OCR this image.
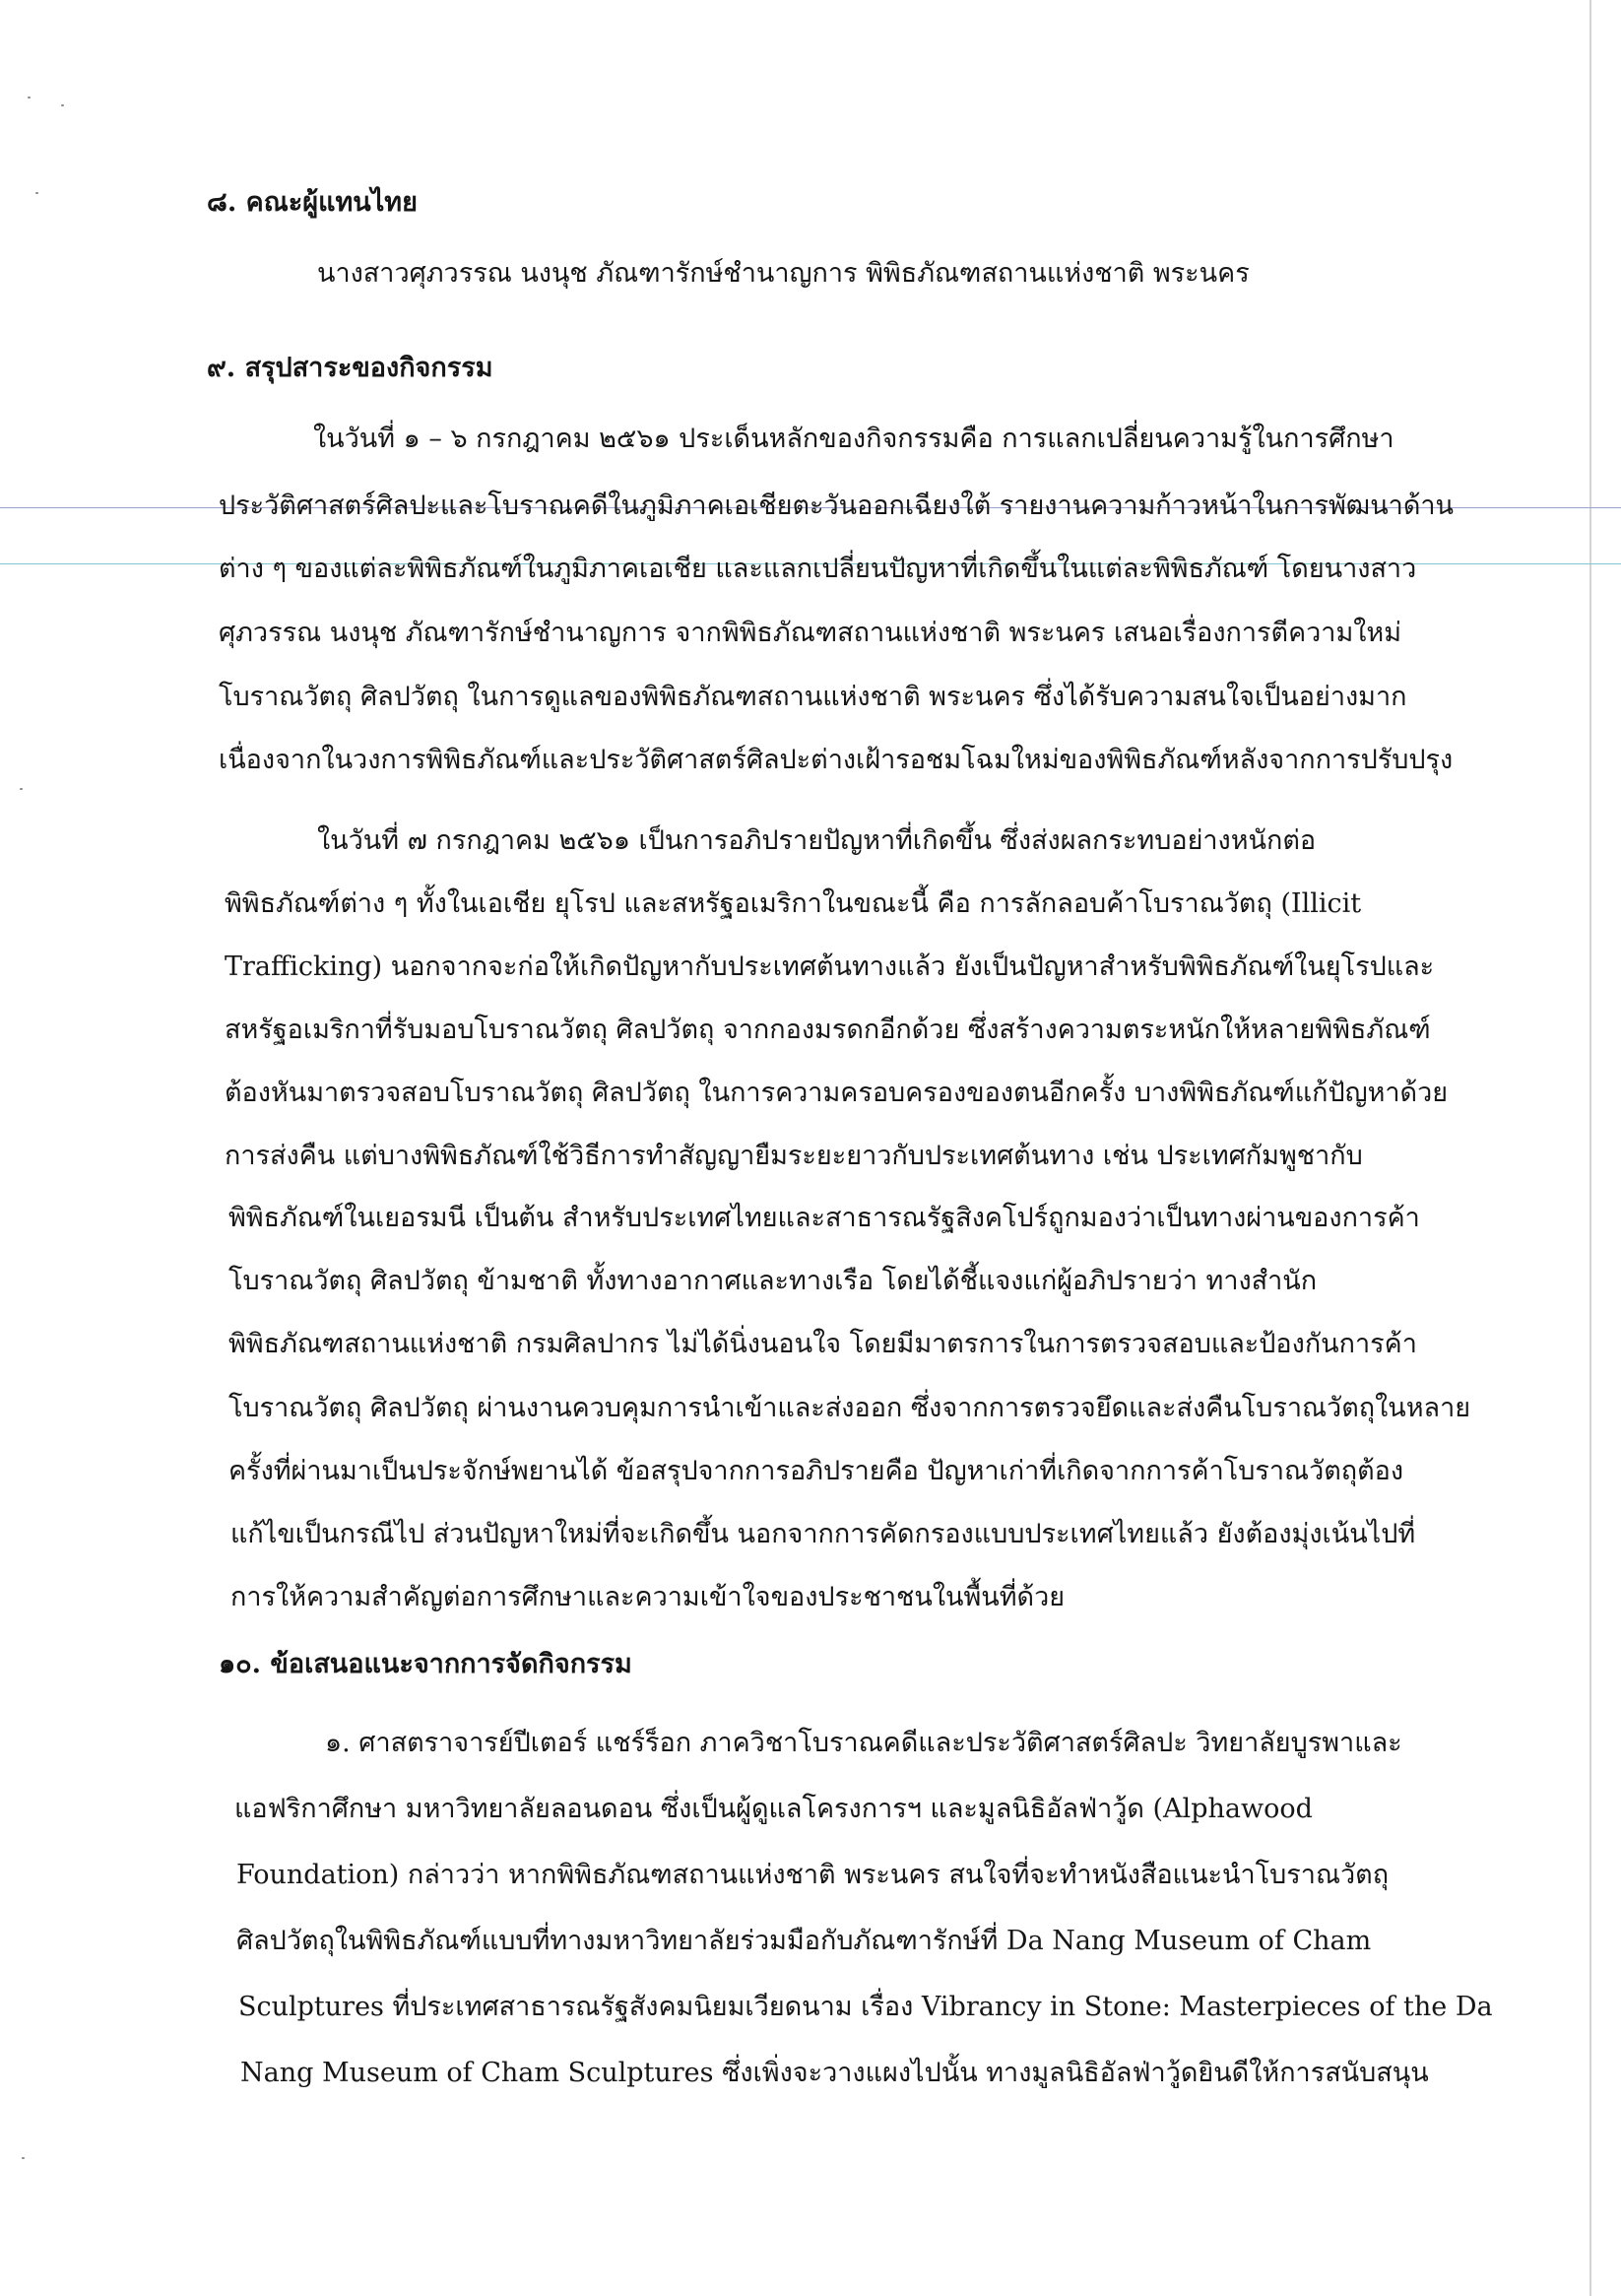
๘. คณะผู้แทนไทย
นางสาวศุภวรรณ นงนุช ภัณฑารักษ์ชำนาญการ พิพิธภัณฑสถานแห่งชาติ พระนคร
๙. สรุปสาระของกิจกรรม
ในวันที่ ๑ – ๖ กรกฎาคม ๒๕๖๑ ประเด็นหลักของกิจกรรมคือ การแลกเปลี่ยนความรู้ในการศึกษา
ประวัติศาสตร์ศิลปะและโบราณคดีในภูมิภาคเอเชียตะวันออกเฉียงใต้ รายงานความก้าวหน้าในการพัฒนาด้าน
ต่าง ๆ ของแต่ละพิพิธภัณฑ์ในภูมิภาคเอเชีย และแลกเปลี่ยนปัญหาที่เกิดขึ้นในแต่ละพิพิธภัณฑ์ โดยนางสาว
ศุภวรรณ นงนุช ภัณฑารักษ์ชำนาญการ จากพิพิธภัณฑสถานแห่งชาติ พระนคร เสนอเรื่องการตีความใหม่
โบราณวัตถุ ศิลปวัตถุ ในการดูแลของพิพิธภัณฑสถานแห่งชาติ พระนคร ซึ่งได้รับความสนใจเป็นอย่างมาก
เนื่องจากในวงการพิพิธภัณฑ์และประวัติศาสตร์ศิลปะต่างเฝ้ารอชมโฉมใหม่ของพิพิธภัณฑ์หลังจากการปรับปรุง
ในวันที่ ๗ กรกฎาคม ๒๕๖๑ เป็นการอภิปรายปัญหาที่เกิดขึ้น ซึ่งส่งผลกระทบอย่างหนักต่อ
พิพิธภัณฑ์ต่าง ๆ ทั้งในเอเชีย ยุโรป และสหรัฐอเมริกาในขณะนี้ คือ การลักลอบค้าโบราณวัตถุ (Illicit
Trafficking) นอกจากจะก่อให้เกิดปัญหากับประเทศต้นทางแล้ว ยังเป็นปัญหาสำหรับพิพิธภัณฑ์ในยุโรปและ
สหรัฐอเมริกาที่รับมอบโบราณวัตถุ ศิลปวัตถุ จากกองมรดกอีกด้วย ซึ่งสร้างความตระหนักให้หลายพิพิธภัณฑ์
ต้องหันมาตรวจสอบโบราณวัตถุ ศิลปวัตถุ ในการความครอบครองของตนอีกครั้ง บางพิพิธภัณฑ์แก้ปัญหาด้วย
การส่งคืน แต่บางพิพิธภัณฑ์ใช้วิธีการทำสัญญายืมระยะยาวกับประเทศต้นทาง เช่น ประเทศกัมพูชากับ
พิพิธภัณฑ์ในเยอรมนี เป็นต้น สำหรับประเทศไทยและสาธารณรัฐสิงคโปร์ถูกมองว่าเป็นทางผ่านของการค้า
โบราณวัตถุ ศิลปวัตถุ ข้ามชาติ ทั้งทางอากาศและทางเรือ โดยได้ชี้แจงแก่ผู้อภิปรายว่า ทางสำนัก
พิพิธภัณฑสถานแห่งชาติ กรมศิลปากร ไม่ได้นิ่งนอนใจ โดยมีมาตรการในการตรวจสอบและป้องกันการค้า
โบราณวัตถุ ศิลปวัตถุ ผ่านงานควบคุมการนำเข้าและส่งออก ซึ่งจากการตรวจยึดและส่งคืนโบราณวัตถุในหลาย
ครั้งที่ผ่านมาเป็นประจักษ์พยานได้ ข้อสรุปจากการอภิปรายคือ ปัญหาเก่าที่เกิดจากการค้าโบราณวัตถุต้อง
แก้ไขเป็นกรณีไป ส่วนปัญหาใหม่ที่จะเกิดขึ้น นอกจากการคัดกรองแบบประเทศไทยแล้ว ยังต้องมุ่งเน้นไปที่
การให้ความสำคัญต่อการศึกษาและความเข้าใจของประชาชนในพื้นที่ด้วย
๑๐. ข้อเสนอแนะจากการจัดกิจกรรม
๑. ศาสตราจารย์ปีเตอร์ แชร์ร็อก ภาควิชาโบราณคดีและประวัติศาสตร์ศิลปะ วิทยาลัยบูรพาและ
แอฟริกาศึกษา มหาวิทยาลัยลอนดอน ซึ่งเป็นผู้ดูแลโครงการฯ และมูลนิธิอัลฟ่าวู้ด (Alphawood
Foundation) กล่าวว่า หากพิพิธภัณฑสถานแห่งชาติ พระนคร สนใจที่จะทำหนังสือแนะนำโบราณวัตถุ
ศิลปวัตถุในพิพิธภัณฑ์แบบที่ทางมหาวิทยาลัยร่วมมือกับภัณฑารักษ์ที่ Da Nang Museum of Cham
Sculptures ที่ประเทศสาธารณรัฐสังคมนิยมเวียดนาม เรื่อง Vibrancy in Stone: Masterpieces of the Da
Nang Museum of Cham Sculptures ซึ่งเพิ่งจะวางแผงไปนั้น ทางมูลนิธิอัลฟ่าวู้ดยินดีให้การสนับสนุน
